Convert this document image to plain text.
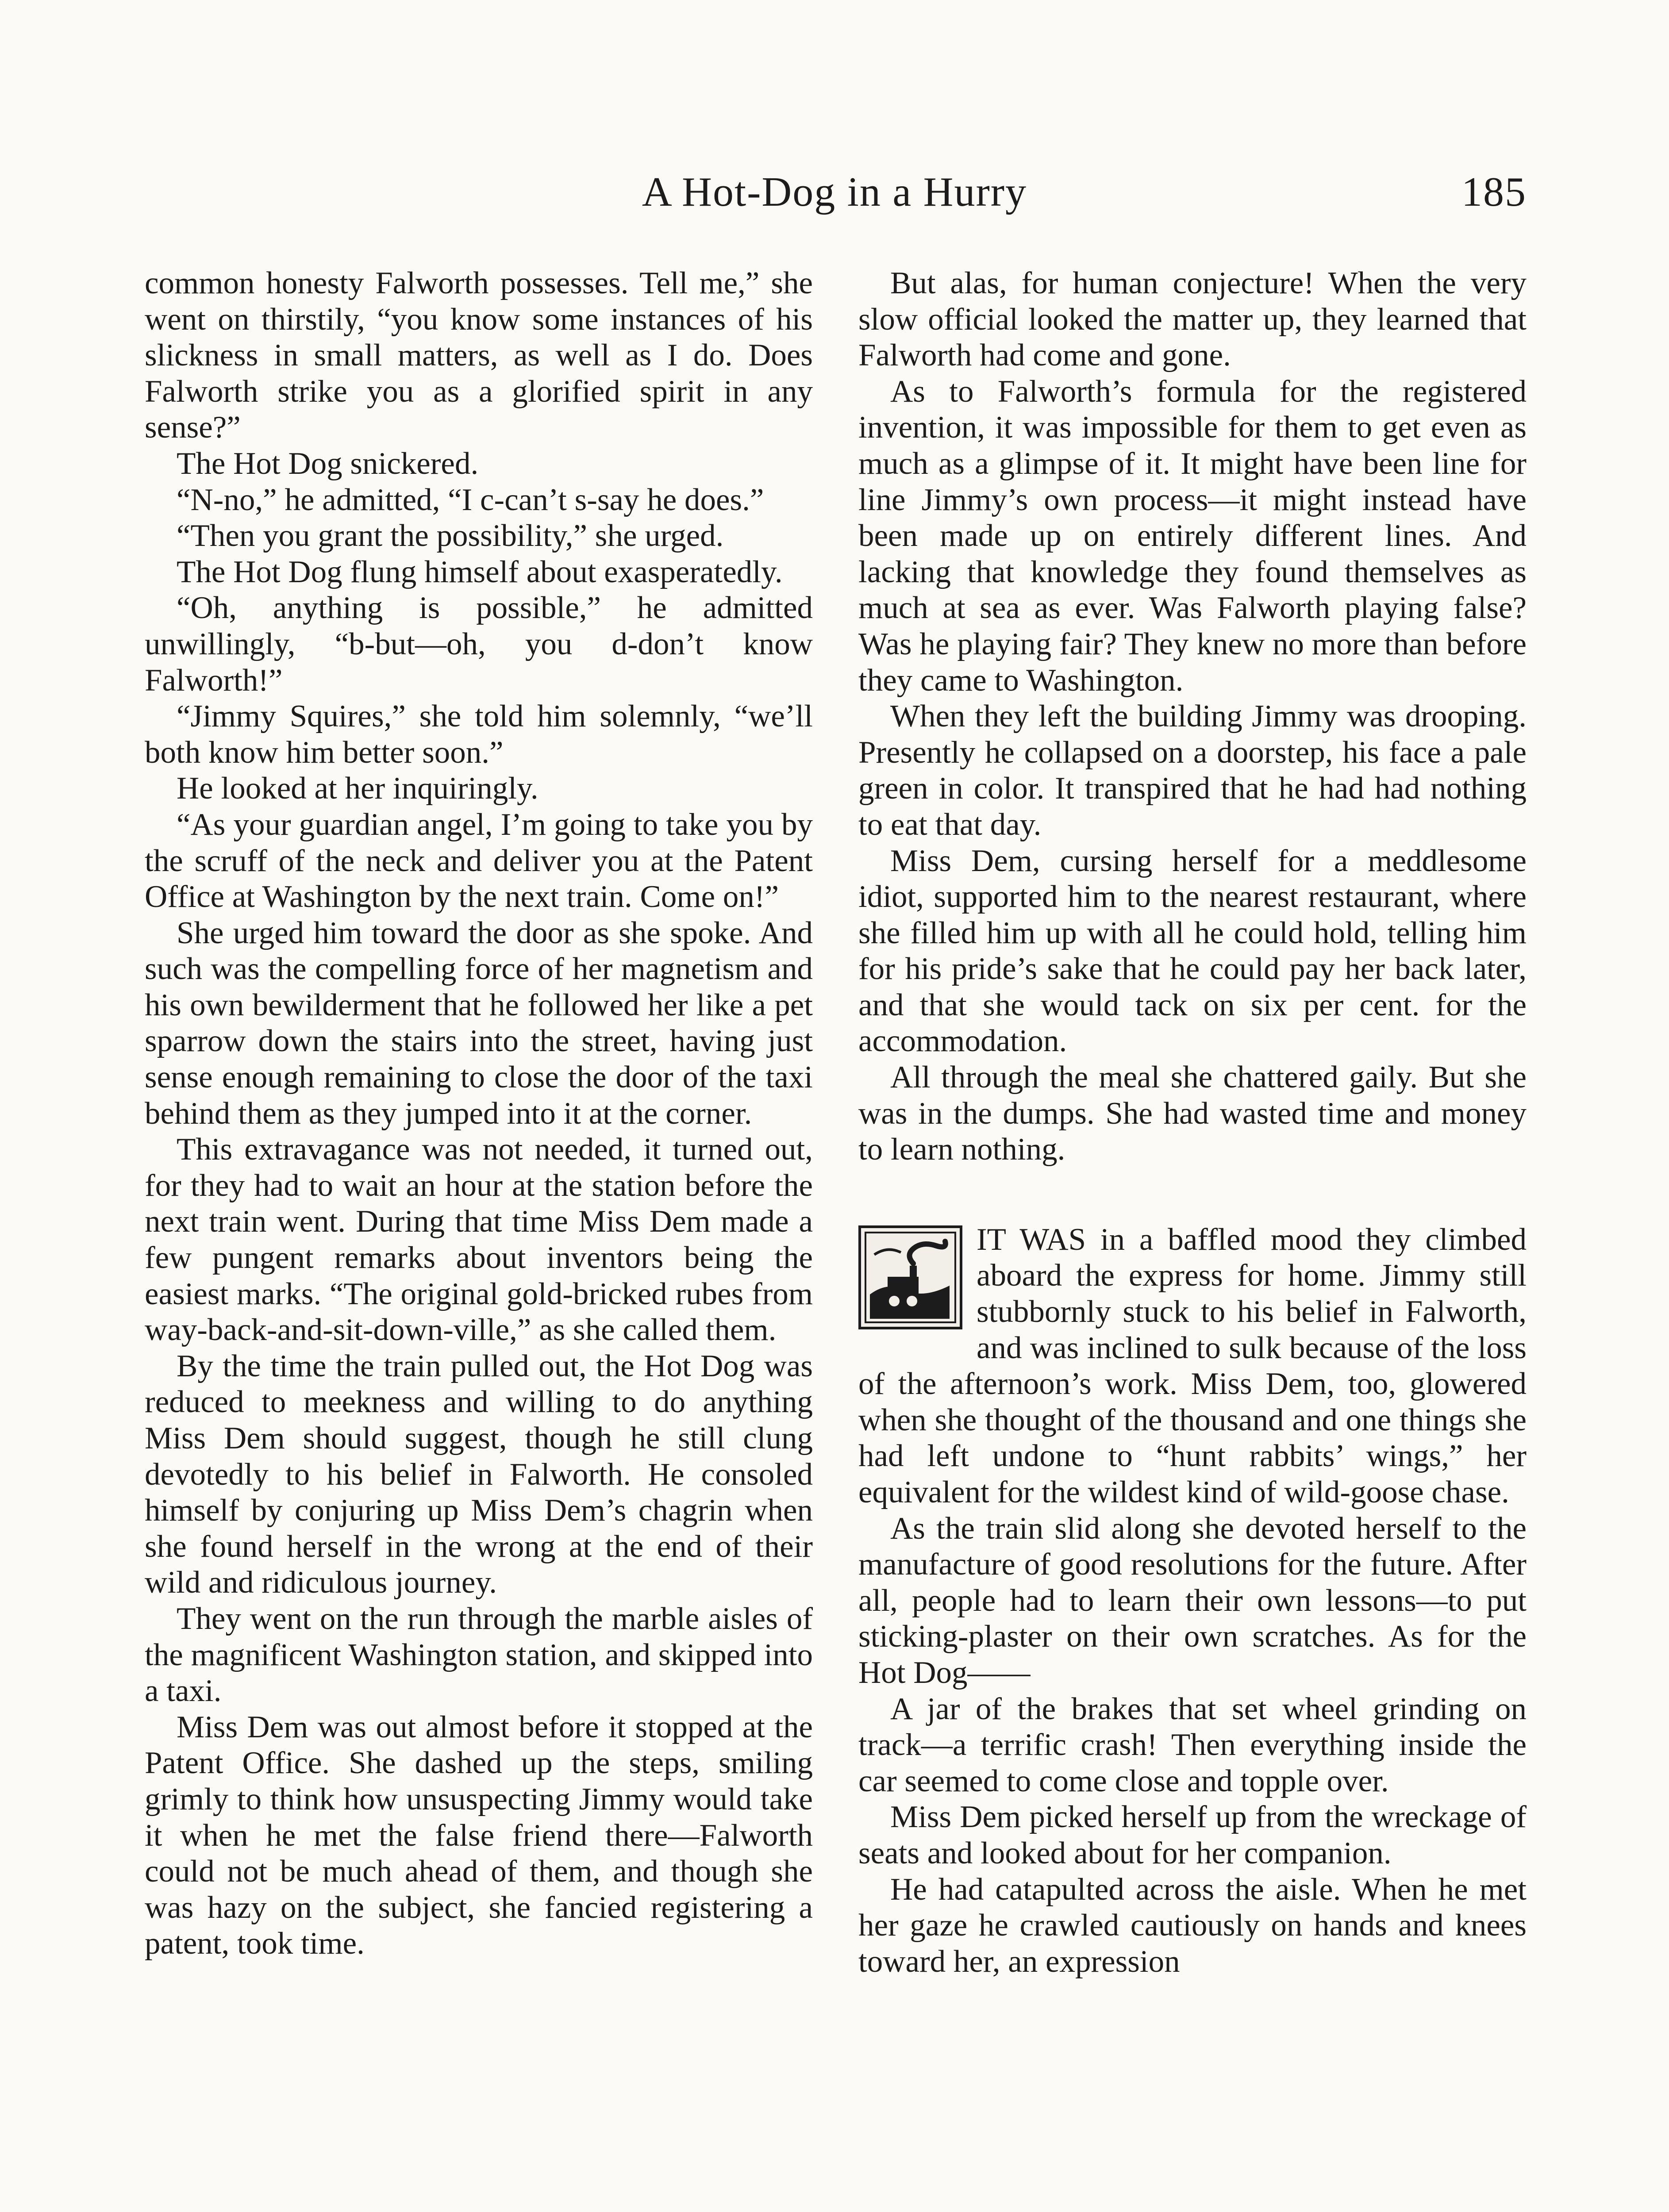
A Hot-Dog in a Hurry	185

common honesty Falworth possesses. Tell me,” she went on thirstily, “you know some instances of his slickness in small matters, as well as I do. Does Falworth strike you as a glorified spirit in any sense?”

The Hot Dog snickered.

“N-no,” he admitted, “I c-can’t s-say he does.”

“Then you grant the possibility,” she urged.

The Hot Dog flung himself about exasperatedly.

“Oh, anything is possible,” he admitted unwillingly, “b-but—oh, you d-don’t know Falworth!”

“Jimmy Squires,” she told him solemnly, “we’ll both know him better soon.”

He looked at her inquiringly.

“As your guardian angel, I’m going to take you by the scruff of the neck and deliver you at the Patent Office at Washington by the next train. Come on!”

She urged him toward the door as she spoke. And such was the compelling force of her magnetism and his own bewilderment that he followed her like a pet sparrow down the stairs into the street, having just sense enough remaining to close the door of the taxi behind them as they jumped into it at the corner.

This extravagance was not needed, it turned out, for they had to wait an hour at the station before the next train went. During that time Miss Dem made a few pungent remarks about inventors being the easiest marks. “The original gold-bricked rubes from way-back-and-sit-down-ville,” as she called them.

By the time the train pulled out, the Hot Dog was reduced to meekness and willing to do anything Miss Dem should suggest, though he still clung devotedly to his belief in Falworth. He consoled himself by conjuring up Miss Dem’s chagrin when she found herself in the wrong at the end of their wild and ridiculous journey.

They went on the run through the marble aisles of the magnificent Washington station, and skipped into a taxi.

Miss Dem was out almost before it stopped at the Patent Office. She dashed up the steps, smiling grimly to think how unsuspecting Jimmy would take it when he met the false friend there—Falworth could not be much ahead of them, and though she was hazy on the subject, she fancied registering a patent, took time.

But alas, for human conjecture! When the very slow official looked the matter up, they learned that Falworth had come and gone.

As to Falworth’s formula for the registered invention, it was impossible for them to get even as much as a glimpse of it. It might have been line for line Jimmy’s own process—it might instead have been made up on entirely different lines. And lacking that knowledge they found themselves as much at sea as ever. Was Falworth playing false? Was he playing fair? They knew no more than before they came to Washington.

When they left the building Jimmy was drooping. Presently he collapsed on a doorstep, his face a pale green in color. It transpired that he had had nothing to eat that day.

Miss Dem, cursing herself for a meddlesome idiot, supported him to the nearest restaurant, where she filled him up with all he could hold, telling him for his pride’s sake that he could pay her back later, and that she would tack on six per cent. for the accommodation.

All through the meal she chattered gaily. But she was in the dumps. She had wasted time and money to learn nothing.

IT WAS in a baffled mood they climbed aboard the express for home. Jimmy still stubbornly stuck to his belief in Falworth, and was inclined to sulk because of the loss of the afternoon’s work. Miss Dem, too, glowered when she thought of the thousand and one things she had left undone to “hunt rabbits’ wings,” her equivalent for the wildest kind of wild-goose chase.

As the train slid along she devoted herself to the manufacture of good resolutions for the future. After all, people had to learn their own lessons—to put sticking-plaster on their own scratches. As for the Hot Dog——

A jar of the brakes that set wheel grinding on track—a terrific crash! Then everything inside the car seemed to come close and topple over.

Miss Dem picked herself up from the wreckage of seats and looked about for her companion.

He had catapulted across the aisle. When he met her gaze he crawled cautiously on hands and knees toward her, an expression
